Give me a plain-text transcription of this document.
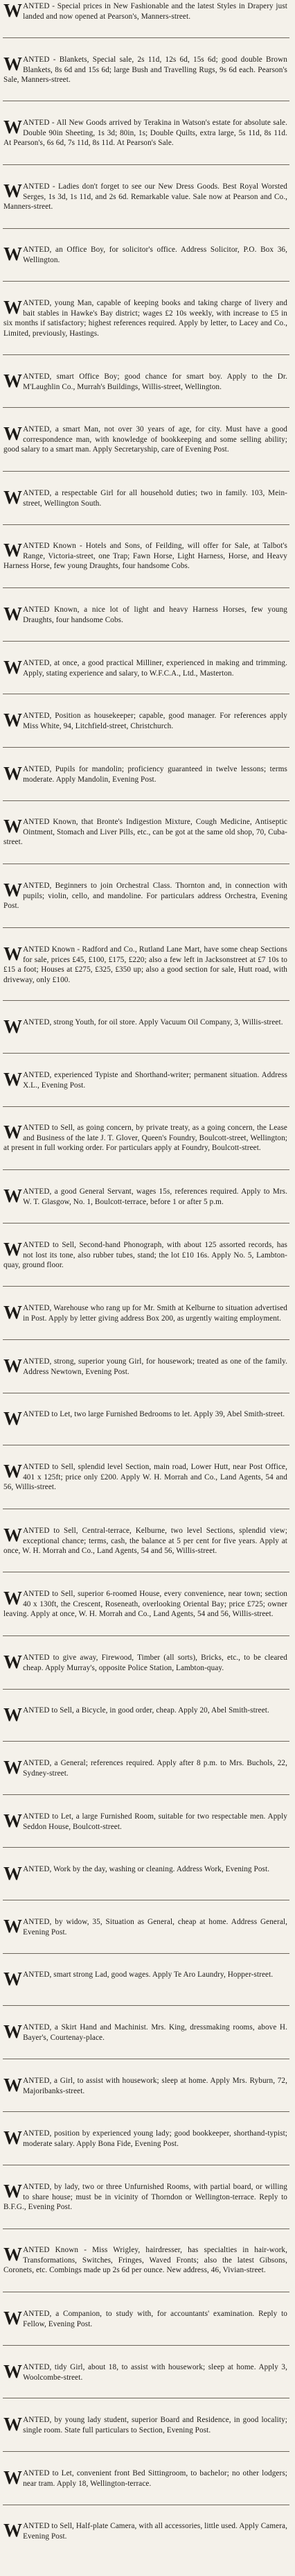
WANTED - Special prices in New Fashionable and the latest Styles in Drapery just landed and now opened at Pearson's, Manners-street.
WANTED - Blankets, Special sale, 2s 11d, 12s 6d, 15s 6d; good double Brown Blankets, 8s 6d and 15s 6d; large Bush and Travelling Rugs, 9s 6d each. Pearson's Sale, Manners-street.
WANTED - All New Goods arrived by Terakina in Watson's estate for absolute sale. Double 90in Sheeting, 1s 3d; 80in, 1s; Double Quilts, extra large, 5s 11d, 8s 11d. At Pearson's, 6s 6d, 7s 11d, 8s 11d. At Pearson's Sale.
WANTED - Ladies don't forget to see our New Dress Goods. Best Royal Worsted Serges, 1s 3d, 1s 11d, and 2s 6d. Remarkable value. Sale now at Pearson and Co., Manners-street.
WANTED, an Office Boy, for solicitor's office. Address Solicitor, P.O. Box 36, Wellington.
WANTED, young Man, capable of keeping books and taking charge of livery and bait stables in Hawke's Bay district; wages £2 10s weekly, with increase to £5 in six months if satisfactory; highest references required. Apply by letter, to Lacey and Co., Limited, previously, Hastings.
WANTED, smart Office Boy; good chance for smart boy. Apply to the Dr. M'Laughlin Co., Murrah's Buildings, Willis-street, Wellington.
WANTED, a smart Man, not over 30 years of age, for city. Must have a good correspondence man, with knowledge of bookkeeping and some selling ability; good salary to a smart man. Apply Secretaryship, care of Evening Post.
WANTED, a respectable Girl for all household duties; two in family. 103, Mein-street, Wellington South.
WANTED Known - Hotels and Sons, of Feilding, will offer for Sale, at Talbot's Range, Victoria-street, one Trap; Fawn Horse, Light Harness, Horse, and Heavy Harness Horse, few young Draughts, four handsome Cobs.
WANTED Known, a nice lot of light and heavy Harness Horses, few young Draughts, four handsome Cobs.
WANTED, at once, a good practical Milliner, experienced in making and trimming. Apply, stating experience and salary, to W.F.C.A., Ltd., Masterton.
WANTED, Position as housekeeper; capable, good manager. For references apply Miss White, 94, Litchfield-street, Christchurch.
WANTED, Pupils for mandolin; proficiency guaranteed in twelve lessons; terms moderate. Apply Mandolin, Evening Post.
WANTED Known, that Bronte's Indigestion Mixture, Cough Medicine, Antiseptic Ointment, Stomach and Liver Pills, etc., can be got at the same old shop, 70, Cuba-street.
WANTED, Beginners to join Orchestral Class. Thornton and, in connection with pupils; violin, cello, and mandoline. For particulars address Orchestra, Evening Post.
WANTED Known - Radford and Co., Rutland Lane Mart, have some cheap Sections for sale, prices £45, £100, £175, £220; also a few left in Jacksonstreet at £7 10s to £15 a foot; Houses at £275, £325, £350 up; also a good section for sale, Hutt road, with driveway, only £100.
WANTED, strong Youth, for oil store. Apply Vacuum Oil Company, 3, Willis-street.
WANTED, experienced Typiste and Shorthand-writer; permanent situation. Address X.L., Evening Post.
WANTED to Sell, as going concern, by private treaty, as a going concern, the Lease and Business of the late J. T. Glover, Queen's Foundry, Boulcott-street, Wellington; at present in full working order. For particulars apply at Foundry, Boulcott-street.
WANTED, a good General Servant, wages 15s, references required. Apply to Mrs. W. T. Glasgow, No. 1, Boulcott-terrace, before 1 or after 5 p.m.
WANTED to Sell, Second-hand Phonograph, with about 125 assorted records, has not lost its tone, also rubber tubes, stand; the lot £10 16s. Apply No. 5, Lambton-quay, ground floor.
WANTED, Warehouse who rang up for Mr. Smith at Kelburne to situation advertised in Post. Apply by letter giving address Box 200, as urgently waiting employment.
WANTED, strong, superior young Girl, for housework; treated as one of the family. Address Newtown, Evening Post.
WANTED to Let, two large Furnished Bedrooms to let. Apply 39, Abel Smith-street.
WANTED to Sell, splendid level Section, main road, Lower Hutt, near Post Office, 401 x 125ft; price only £200. Apply W. H. Morrah and Co., Land Agents, 54 and 56, Willis-street.
WANTED to Sell, Central-terrace, Kelburne, two level Sections, splendid view; exceptional chance; terms, cash, the balance at 5 per cent for five years. Apply at once, W. H. Morrah and Co., Land Agents, 54 and 56, Willis-street.
WANTED to Sell, superior 6-roomed House, every convenience, near town; section 40 x 130ft, the Crescent, Roseneath, overlooking Oriental Bay; price £725; owner leaving. Apply at once, W. H. Morrah and Co., Land Agents, 54 and 56, Willis-street.
WANTED to give away, Firewood, Timber (all sorts), Bricks, etc., to be cleared cheap. Apply Murray's, opposite Police Station, Lambton-quay.
WANTED to Sell, a Bicycle, in good order, cheap. Apply 20, Abel Smith-street.
WANTED, a General; references required. Apply after 8 p.m. to Mrs. Buchols, 22, Sydney-street.
WANTED to Let, a large Furnished Room, suitable for two respectable men. Apply Seddon House, Boulcott-street.
WANTED, Work by the day, washing or cleaning. Address Work, Evening Post.
WANTED, by widow, 35, Situation as General, cheap at home. Address General, Evening Post.
WANTED, smart strong Lad, good wages. Apply Te Aro Laundry, Hopper-street.
WANTED, a Skirt Hand and Machinist. Mrs. King, dressmaking rooms, above H. Bayer's, Courtenay-place.
WANTED, a Girl, to assist with housework; sleep at home. Apply Mrs. Ryburn, 72, Majoribanks-street.
WANTED, position by experienced young lady; good bookkeeper, shorthand-typist; moderate salary. Apply Bona Fide, Evening Post.
WANTED, by lady, two or three Unfurnished Rooms, with partial board, or willing to share house; must be in vicinity of Thorndon or Wellington-terrace. Reply to B.F.G., Evening Post.
WANTED Known - Miss Wrigley, hairdresser, has specialties in hair-work, Transformations, Switches, Fringes, Waved Fronts; also the latest Gibsons, Coronets, etc. Combings made up 2s 6d per ounce. New address, 46, Vivian-street.
WANTED, a Companion, to study with, for accountants' examination. Reply to Fellow, Evening Post.
WANTED, tidy Girl, about 18, to assist with housework; sleep at home. Apply 3, Woolcombe-street.
WANTED, by young lady student, superior Board and Residence, in good locality; single room. State full particulars to Section, Evening Post.
WANTED to Let, convenient front Bed Sittingroom, to bachelor; no other lodgers; near tram. Apply 18, Wellington-terrace.
WANTED to Sell, Half-plate Camera, with all accessories, little used. Apply Camera, Evening Post.
